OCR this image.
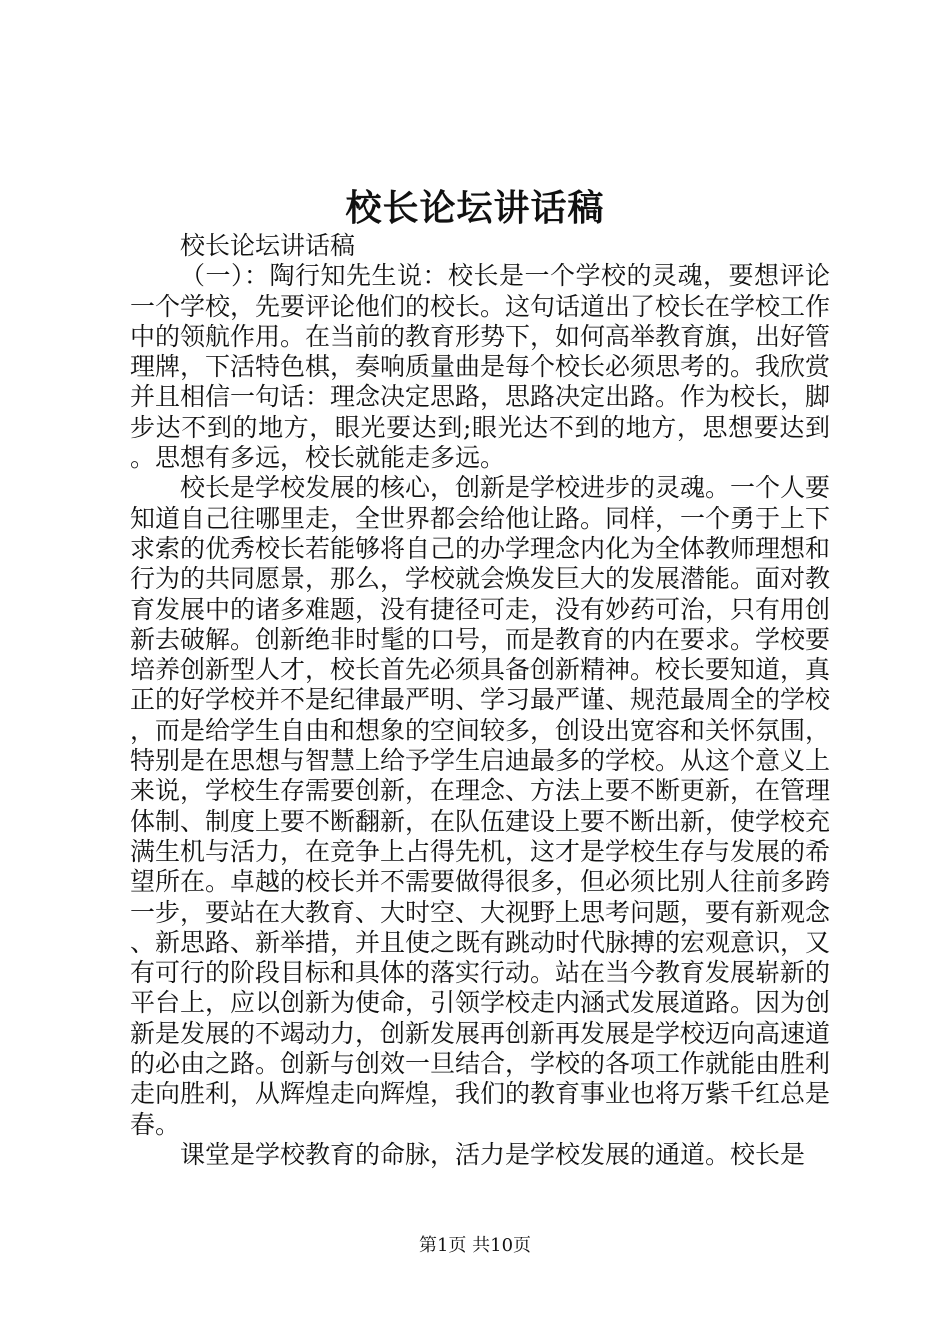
校长论坛讲话稿

校长论坛讲话稿

（一）：陶行知先生说：校长是一个学校的灵魂，要想评论一个学校，先要评论他们的校长。这句话道出了校长在学校工作中的领航作用。在当前的教育形势下，如何高举教育旗，出好管理牌，下活特色棋，奏响质量曲是每个校长必须思考的。我欣赏并且相信一句话：理念决定思路，思路决定出路。作为校长，脚步达不到的地方，眼光要达到;眼光达不到的地方，思想要达到。思想有多远，校长就能走多远。

校长是学校发展的核心，创新是学校进步的灵魂。一个人要知道自己往哪里走，全世界都会给他让路。同样，一个勇于上下求索的优秀校长若能够将自己的办学理念内化为全体教师理想和行为的共同愿景，那么，学校就会焕发巨大的发展潜能。面对教育发展中的诸多难题，没有捷径可走，没有妙药可治，只有用创新去破解。创新绝非时髦的口号，而是教育的内在要求。学校要培养创新型人才，校长首先必须具备创新精神。校长要知道，真正的好学校并不是纪律最严明、学习最严谨、规范最周全的学校，而是给学生自由和想象的空间较多，创设出宽容和关怀氛围，特别是在思想与智慧上给予学生启迪最多的学校。从这个意义上来说，学校生存需要创新，在理念、方法上要不断更新，在管理体制、制度上要不断翻新，在队伍建设上要不断出新，使学校充满生机与活力，在竞争上占得先机，这才是学校生存与发展的希望所在。卓越的校长并不需要做得很多，但必须比别人往前多跨一步，要站在大教育、大时空、大视野上思考问题，要有新观念、新思路、新举措，并且使之既有跳动时代脉搏的宏观意识，又有可行的阶段目标和具体的落实行动。站在当今教育发展崭新的平台上，应以创新为使命，引领学校走内涵式发展道路。因为创新是发展的不竭动力，创新发展再创新再发展是学校迈向高速道的必由之路。创新与创效一旦结合，学校的各项工作就能由胜利走向胜利，从辉煌走向辉煌，我们的教育事业也将万紫千红总是春。

课堂是学校教育的命脉，活力是学校发展的通道。校长是

第1页 共10页
